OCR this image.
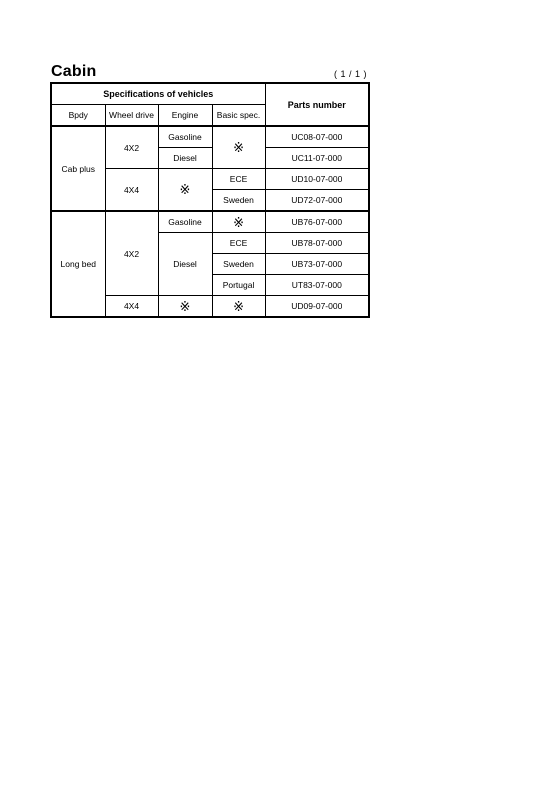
Cabin	( 1 / 1 )
Specifications of vehicles				Parts number
Bpdy	Wheel drive	Engine	Basic spec.	
Cab plus	4X2	Gasoline	※	UC08-07-000
		Diesel		UC11-07-000
	4X4	※	ECE	UD10-07-000
			Sweden	UD72-07-000
Long bed	4X2	Gasoline	※	UB76-07-000
		Diesel	ECE	UB78-07-000
			Sweden	UB73-07-000
			Portugal	UT83-07-000
	4X4	※	※	UD09-07-000
